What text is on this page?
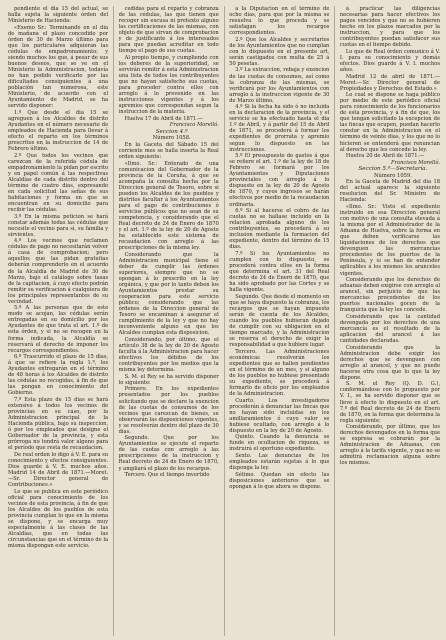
pendiente el dia 15 del actual, se halla sujeta la siguiente órden del Ministerio de Hacienda:

«Exemo Sr.: Terminando en el dia de mañana el plazo concedido por órden de 30 de Marzo último para que los particulares adquieran las cédulas de empadronamiento; y siendo muchos los que, á pesar de sus buenos deseos, que se ve en el Ministerio la Administracion, todavía no han podido verificarlo por las dificultades consiguientes á una población tan numerosa, este Ministerio, de acuerdo con el Ayuntamiento de Madrid, se ha servido disponer:

1.º Que desde el dia 15 se agreguen á los Alcaldes de distrito Ayudantes en el número necesario de empleados de Hacienda para llevar á efecto el reparto en los términos prescritos en la instruccion de 14 de Febrero último.

2.º Que todos los vecinos que carezcan de la referida cédula de empadronamiento la pidan por escrito y en papel común á las respectivas Alcaldías de cada distrito dentro del término de cuatro dias, expresando en cada solicitud las señas de sus habitaciones y forma en que se encuentran en su domicilio para recibir las cédulas.

3.º En la misma peticion se hará constar además todas las cédulas que necesite el vecino para sí, su familia y sirvientes.

4.º Los vecinos que reclamen cédulas de pago no necesitarán volver á casa de comprobacion; pero aquellos que las pidan gratuitas deberán comprenderlo en el acuerdo de la Alcaldía de Madrid de 30 de Marzo, bajo el catálogo sobre tasas de la capitacion, á cuyo efecto podrán remitir su verificacion á cualquiera de los principales representantes de su vecindad.

5.º A las personas que de este modo se acojan, las cédulas serán entregadas en su domicilio por los Ayudantes de que trata el art. 1.º de esta órden, y si no se recogen en la forma indicada, la Alcaldía se reservará el derecho de imponer los recargos correspondientes.

6.º Trascurrido el plazo de 15 dias, á que se refiere la regla 1.ª, los Ayudantes entregarán en el término de 48 horas á los Alcaldes de distrito las cédulas no recogidas, á fin de que las pongan en conocimiento del Gobierno.

7.º Esta plazo de 15 dias se hará extensivo á todos los vecinos de provincias en su caso, por la Administracion principal de la Hacienda pública, bajo su inspeccion, ó por los empleados que designe el Gobernador de la provincia, y esta prórroga no tendrá valor alguno para el período que resta de recaudacion.

De real orden lo digo á V. E. para su conocimiento y efectos consiguientes. Dios guarde á V. E. muchos años. Madrid 14 de Abril de 1871.—Moret.—Sr. Director general de Contribuciones.»

Lo que se publica en este periódico oficial para conocimiento de los vecinos de esta provincia, á fin de que los Alcaldes de los pueblos de esta provincia cumplan lo que en la misma se dispone, y se encarga muy especialmente á las clases de las Alcaldías, que en todas las circunstancias que en el término de la misma dispongan este servicio.

cedidas para el reparto y cobranza de las cédulas, las que tienen que recoger sin excusa ni pretexto alguno las certificaciones de las mismas, con objeto de que sirvan de comprobacion y de justificante á los interesados para que puedan acreditar en todo tiempo el pago de sus cuotas.

Al propio tiempo, y cumpliendo con los deberes de la superioridad, se servirán remitir á esta Administracion una lista de todos los contribuyentes que no hayan satisfecho sus cuotas, para proceder contra ellos con arreglo á lo prevenido en las instrucciones vigentes y á los apremios que correspondan segun la instruccion de la materia.

Huelva 17 de Abril de 1871.—

Francisco Morelló.

Seccion 4.ª

Número 1058.

En la Gaceta del Sábado 15 del corriente mes se halla inserta la Real orden siguiente:

«Ilmo. Sr.: Enterado de una comunicacion del Gobernador de la provincia de la Coruña, á que se acompaña la consulta hecha por la Direccion general de Tesoro, sobre si pueden los Alcaldes de los pueblos y distritos facultar á los Ayuntamientos para el pago de contribuciones ó servicios públicos que no sean de su competencia, y considerando que el Real decreto de 24 de Enero de 1870 y el art. 1.º de la ley de 20 de Agosto ha establecido este sistema de recaudacion con arreglo á las prescripciones de la misma ley.

Considerando que la Administracion municipal tiene el deber de cumplir las órdenes superiores, siempre que no se opongan á lo prescrito en la ley orgánica, y que por lo tanto deben los Ayuntamientos prestar su cooperacion para este servicio público; considerando que las órdenes de la Direccion general de Tesoro se encaminan á asegurar el cumplimiento de la ley y que no hay inconveniente alguno en que los Alcaldes cumplan esta disposicion.

Considerando, por último, que el artículo 38 de la ley de 20 de Agosto faculta á la Administracion para hacer efectivos los débitos de los contribuyentes por los medios que la misma ley determina.

S. M. el Rey se ha servido disponer lo siguiente:

Primero. En los expedientes presentados por los pueblos solicitando que se declare la exencion de las cuotas de consumos de los vecinos que carezcan de bienes, se observarán las disposiciones vigentes, y se resolverán dentro del plazo de 30 dias.

Segundo. Que por los Ayuntamientos se ejecute el reparto de las cuotas con arreglo á las prescripciones de la instruccion y Real decreto de 24 de Enero de 1870, y ampliará el plazo de los recargos.

Tercero. Que el tiempo invertido

a la Diputacion en el término de ocho dias, para que por la misma se resuelva lo que proceda y se satisfagan los recargos correspondientes.

2.º Que los Alcaldes y secretarios de los Ayuntamientos que no cumplan con lo dispuesto en el presente art. serán castigados con multa de 25 á 50 pesetas.

3.º La extraccion, rebaja y exencion de las cuotas de consumos, así como la cobranza de las mismas, se verificará por los Ayuntamientos con arreglo á la instruccion vigente de 30 de Marzo último.

4.º Si la fecha ha sido ó no incluida en la declaracion de la provincia, y el servicio se ha efectuado hasta el dia 1.º de Abril, y á partir del 15 de Abril de 1871, se procederá á formar los expedientes de prorrata y apremio segun lo dispuesto en las instrucciones.

5.º El presupuesto de gastos á que se refiere el art. 1.º de la ley de 18 de Febrero se formará por los Ayuntamientos y Diputaciones provinciales con arreglo á lo dispuesto en la ley de 20 de Agosto de 1870, y cuyos ingresos se harán efectivos por medio de la recaudacion ordinaria.

6.º Si al hacerse el cobro de las cuotas no se hallase incluido en la relacion aprobada alguno de los contribuyentes, se procederá á su inclusion mediante la formacion del expediente, dentro del término de 15 dias.

7.º Si los Ayuntamientos no cumplen con lo dispuesto, se procederá contra ellos en la forma que determina el art. 31 del Real decreto de 24 de Enero de 1870, que ha sido aprobado por las Cortes y se halla vigente.

Segundo. Que desde el momento en que se haya dispuesto la cobranza, los recargos que se hayan impuesto serán de cuenta de los Alcaldes, cuando los pueblos hubieran dejado de cumplir con su obligacion en el tiempo marcado, y la Administracion se reserva el derecho de exigir la responsabilidad a que hubiere lugar.

Tercero. Las Administraciones económicas resolverán los expedientes que se hallen pendientes en el término de un mes, y si alguno de los pueblos no hubiese presentado su expediente, se procederá á formarlo de oficio por los empleados de la Administracion.

Cuarto. Los investigadores procederán á denunciar las fincas que no hayan sido incluidas en los amillaramientos ó cuyo valor se hubiese ocultado, con arreglo á lo dispuesto en la ley de 20 de Agosto.

Quinto. Cuando la denuncia se funde en ocultacion de riqueza, se instruirá el oportuno expediente.

Sexto. Las denuncias de los empleados estarán sujetas á lo que disponga la ley.

Sétimo. Quedan sin efecto las disposiciones anteriores que se opongan á lo que ahora se dispone.

á practicar las diligencias necesarias para hacer efectivos los pagos vencidos y que no se hubieren hecho en los plazos marcados por la instruccion, y para que los contribuyentes puedan satisfacer sus cuotas en el tiempo debido.

Lo que de Real órden comunico á V. I. para su conocimiento y demás efectos. Dios guarde á V. I. muchos años.

Madrid 12 de abril de 1871.—Moret.—Sr. Director general de Propiedades y Derechos del Estado.»

Lo cual se dispone se haga público por medio de este periódico oficial para conocimiento de los funcionarios de esta provincia, y á fin de que, los que tengan solicitado la excepcion de las fincas que ocupen, puedan hacerlo constar en la Administracion en el término de veinte dias, y los que no lo hicieren se entenderá que renuncian al derecho que les concede la ley.

Huelva 20 de Abril de 1871.—

Francisco Morelló.

Seccion 5.ª—Secretaría.

Número 1059.

En la Gaceta de Madrid del dia 18 del actual aparece la siguiente resolucion del Sr. Ministro de Hacienda:

«Ilmo. Sr.: Visto el expediente instruido en esa Direccion general con motivo de una consulta elevada á la misma por el Administrador de la Aduana de Huelva, sobre la forma en que deben verificarse las liquidaciones de los derechos que devenguen las mercancías procedentes de los puertos de la Península, y si se han de entender aplicables á los mismos los aranceles vigentes.

Considerando que los derechos de aduanas deben exigirse con arreglo al arancel, sin perjuicio de que las mercancías procedentes de los puertos nacionales gocen de la franquicia que la ley les concede.

Considerando que la cantidad devengada por los derechos de una mercancía es el resultado de la aplicacion del arancel á las cantidades declaradas.

Considerando que la Administracion debe exigir los derechos que se devenguen con arreglo al arancel, y que no puede hacerse otra cosa que lo que la ley dispone.

S. M. el Rey (Q. D. G.), conformándose con lo propuesto por V. I., se ha servido disponer que se lleve á efecto lo dispuesto en el art. 7.º del Real decreto de 24 de Enero de 1870, en la forma que determina la regla siguiente:

Considerando, por último, que los derechos devengados en la forma que se expresa se cobrarán por la Administracion de Aduanas, con arreglo á la tarifa vigente, y que no se admitirá reclamacion alguna sobre los mismos.
